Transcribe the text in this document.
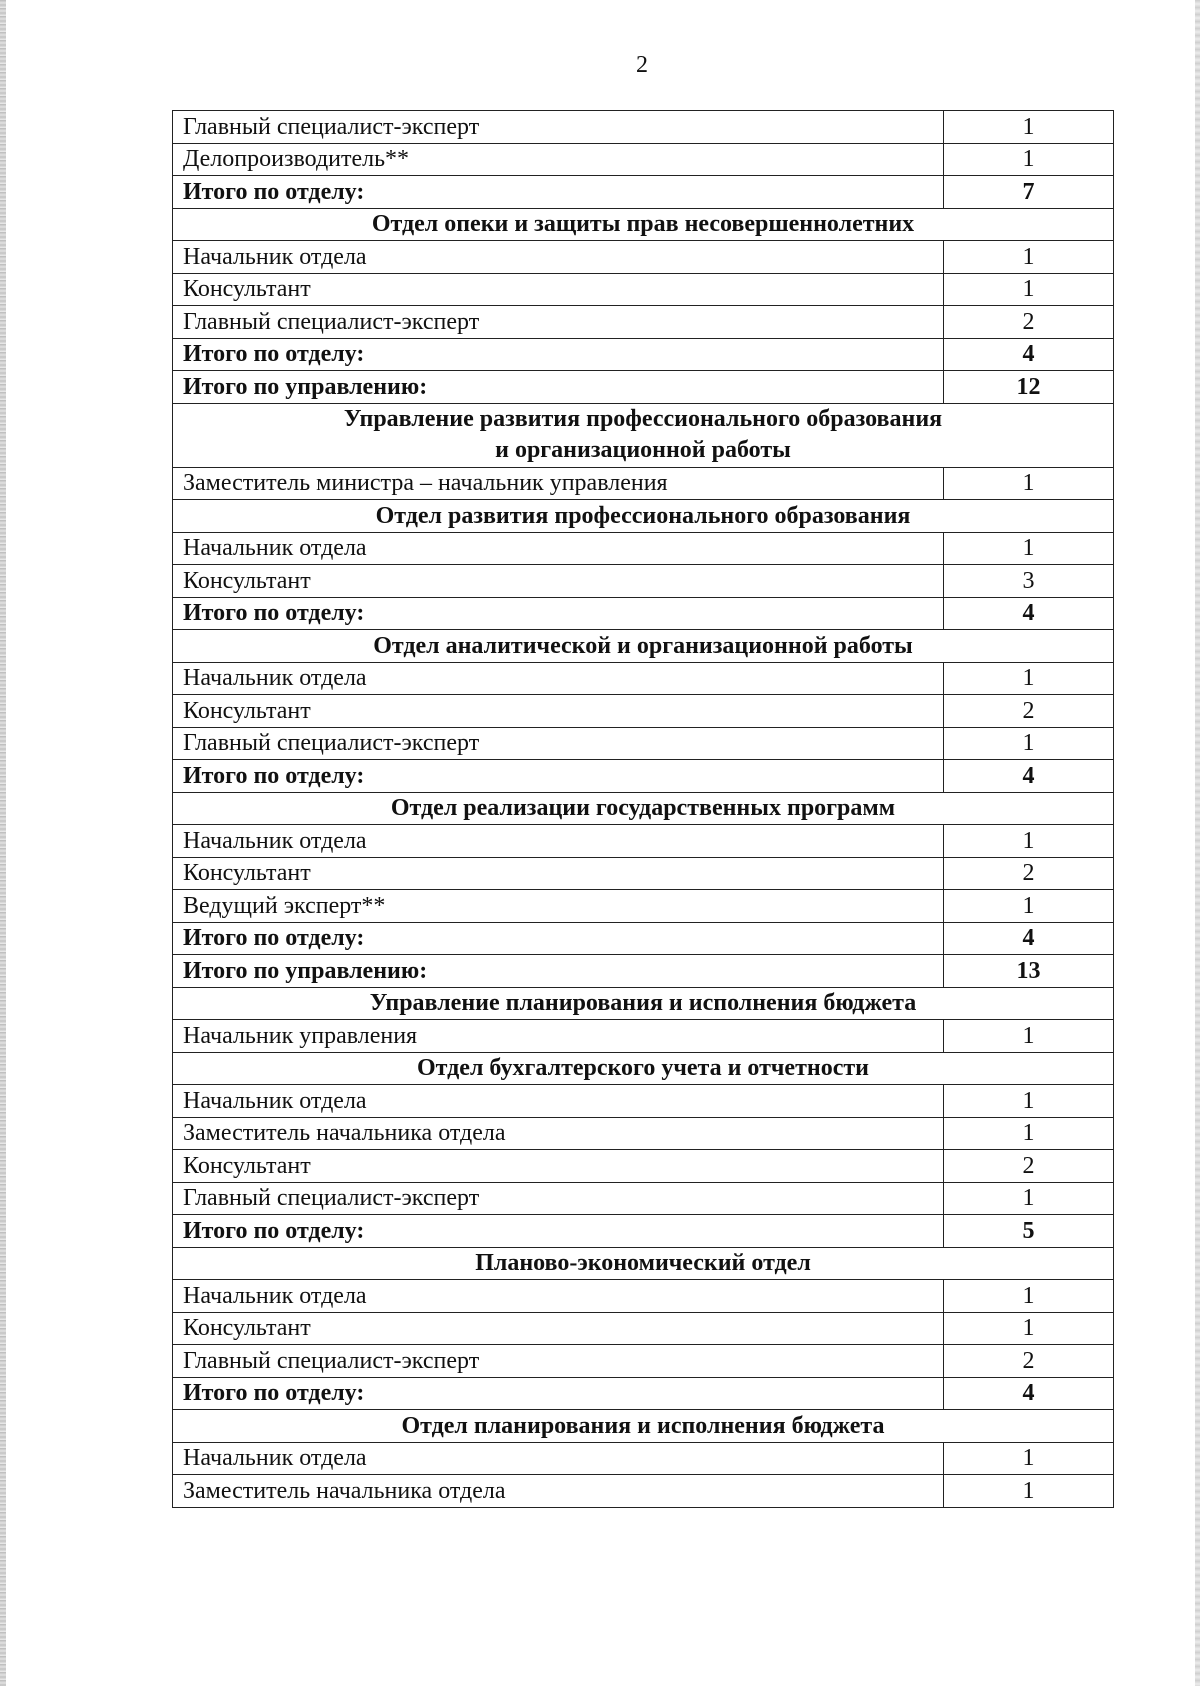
2
Главный специалист-эксперт	1
Делопроизводитель**	1
Итого по отделу:	7
Отдел опеки и защиты прав несовершеннолетних	
Начальник отдела	1
Консультант	1
Главный специалист-эксперт	2
Итого по отделу:	4
Итого по управлению:	12

Управление развития профессионального образования
и организационной работы	

Заместитель министра – начальник управления	1
Отдел развития профессионального образования	
Начальник отдела	1
Консультант	3
Итого по отделу:	4
Отдел аналитической и организационной работы	
Начальник отдела	1
Консультант	2
Главный специалист-эксперт	1
Итого по отделу:	4
Отдел реализации государственных программ	
Начальник отдела	1
Консультант	2
Ведущий эксперт**	1
Итого по отделу:	4
Итого по управлению:	13
Управление планирования и исполнения бюджета	
Начальник управления	1
Отдел бухгалтерского учета и отчетности	
Начальник отдела	1
Заместитель начальника отдела	1
Консультант	2
Главный специалист-эксперт	1
Итого по отделу:	5
Планово-экономический отдел	
Начальник отдела	1
Консультант	1
Главный специалист-эксперт	2
Итого по отделу:	4
Отдел планирования и исполнения бюджета	
Начальник отдела	1
Заместитель начальника отдела	1
